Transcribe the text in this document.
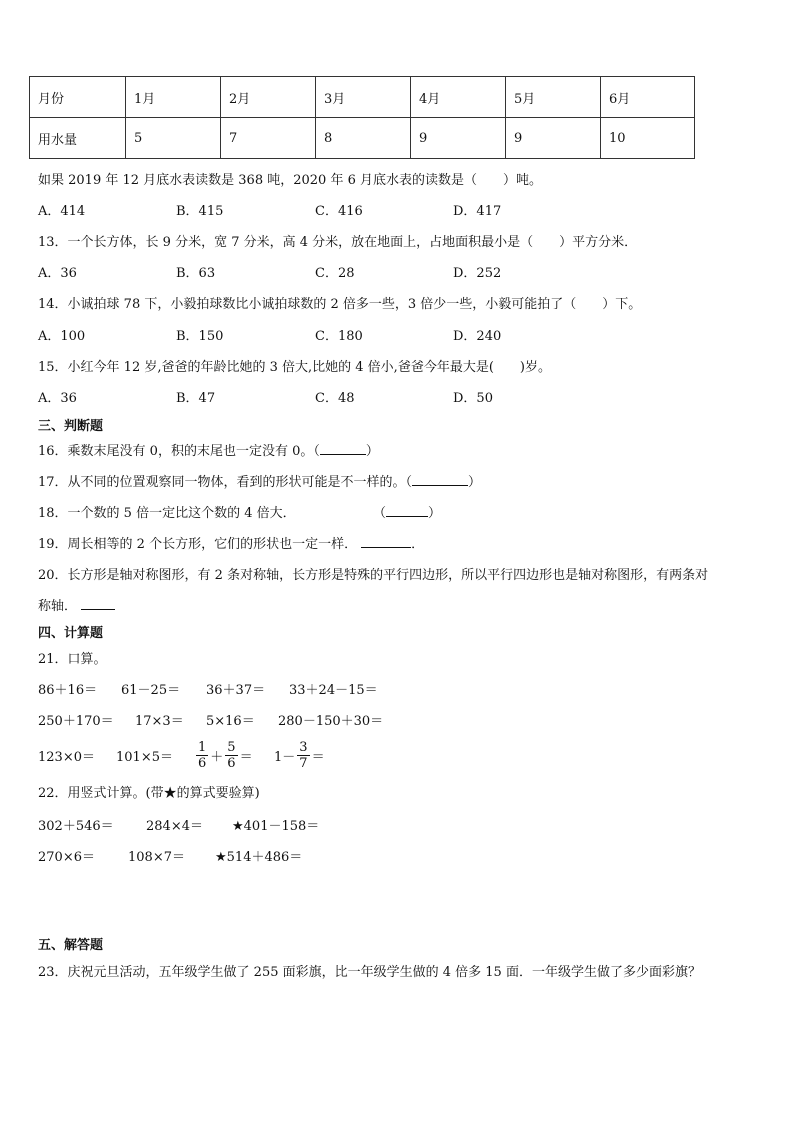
月份	1月	2月	3月	4月	5月	6月
用水量	5	7	8	9	9	10
如果 2019 年 12 月底水表读数是 368 吨，2020 年 6 月底水表的读数是（　　）吨。
A．414	B．415	C．416	D．417
13．一个长方体，长 9 分米，宽 7 分米，高 4 分米，放在地面上，占地面积最小是（　　）平方分米．
A．36	B．63	C．28	D．252
14．小诚拍球 78 下，小毅拍球数比小诚拍球数的 2 倍多一些，3 倍少一些，小毅可能拍了（　　）下。
A．100	B．150	C．180	D．240
15．小红今年 12 岁,爸爸的年龄比她的 3 倍大,比她的 4 倍小,爸爸今年最大是(　　)岁。
A．36	B．47	C．48	D．50
三、判断题
16．乘数末尾没有 0，积的末尾也一定没有 0。（	）
17．从不同的位置观察同一物体，看到的形状可能是不一样的。（	）
18．一个数的 5 倍一定比这个数的 4 倍大．	（	）
19．周长相等的 2 个长方形，它们的形状也一定一样．	．
20．长方形是轴对称图形，有 2 条对称轴，长方形是特殊的平行四边形，所以平行四边形也是轴对称图形，有两条对
称轴．
四、计算题
21．口算。
86＋16＝ 61－25＝ 36＋37＝ 33＋24－15＝
250＋170＝ 17×3＝ 5×16＝ 280－150＋30＝
$123\times 0= 101\times 5= \frac{1}{6} + \frac{5}{6} = 1- \frac{3}{7}$ ＝
22．用竖式计算。(带★的算式要验算)
302＋546＝ 284×4＝ ★401－158＝
270×6＝	108×7＝ ★514＋486＝
五、解答题
23．庆祝元旦活动，五年级学生做了 255 面彩旗，比一年级学生做的 4 倍多 15 面．一年级学生做了多少面彩旗？
